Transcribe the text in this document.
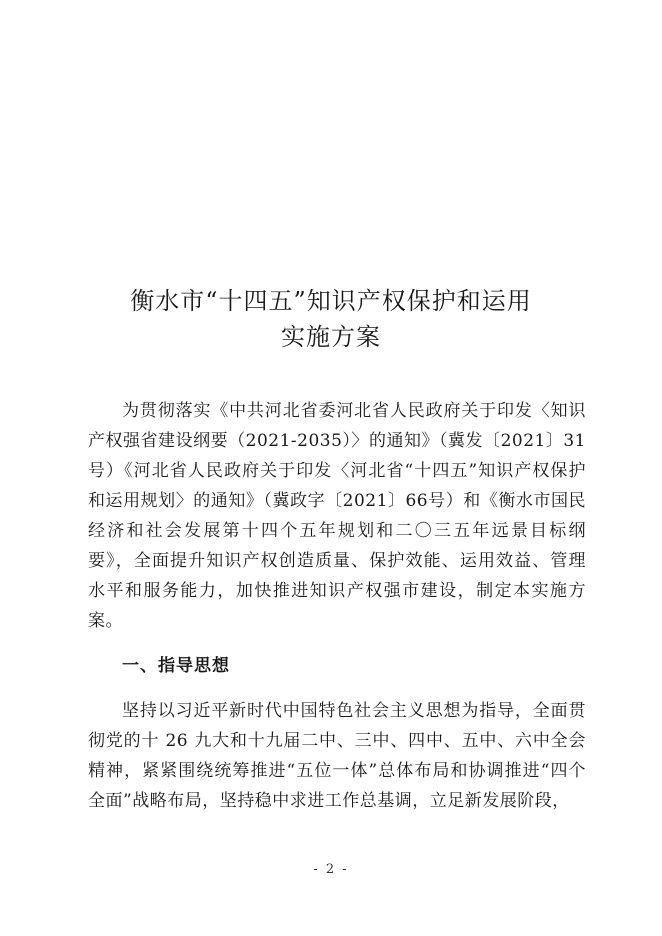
衡水市“十四五”知识产权保护和运用
实施方案

为贯彻落实《中共河北省委河北省人民政府关于印发〈知识产权强省建设纲要（2021-2035）〉的通知》（冀发〔2021〕31号）《河北省人民政府关于印发〈河北省“十四五”知识产权保护和运用规划〉的通知》（冀政字〔2021〕66号）和《衡水市国民经济和社会发展第十四个五年规划和二〇三五年远景目标纲要》，全面提升知识产权创造质量、保护效能、运用效益、管理水平和服务能力，加快推进知识产权强市建设，制定本实施方案。

一、指导思想

坚持以习近平新时代中国特色社会主义思想为指导，全面贯彻党的十 26 九大和十九届二中、三中、四中、五中、六中全会精神，紧紧围绕统筹推进“五位一体”总体布局和协调推进“四个全面”战略布局，坚持稳中求进工作总基调，立足新发展阶段，

- 2 -
